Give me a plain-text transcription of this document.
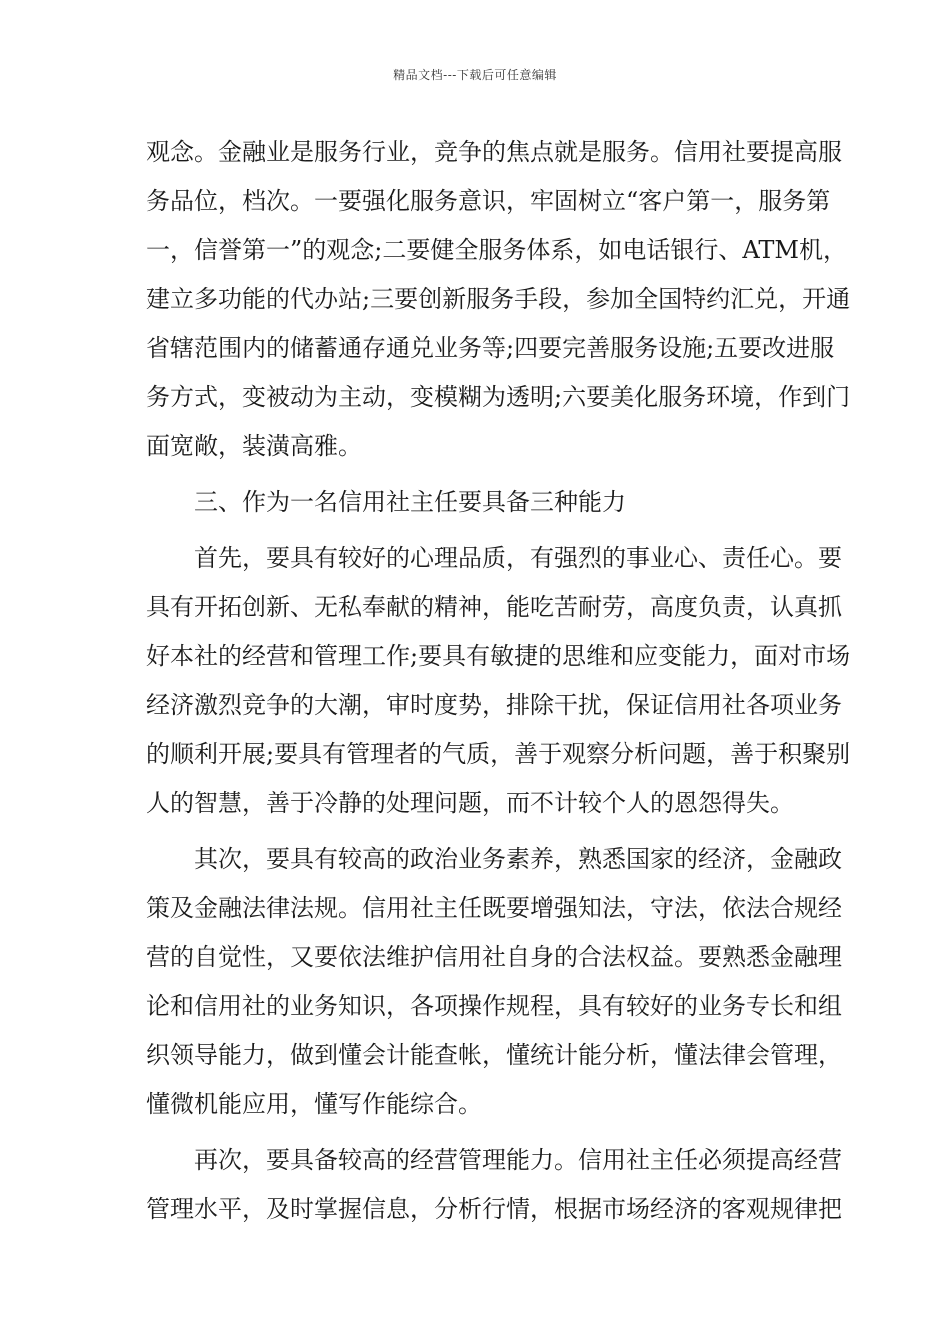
精品文档---下载后可任意编辑
观念。金融业是服务行业，竞争的焦点就是服务。信用社要提高服
务品位，档次。一要强化服务意识，牢固树立“客户第一，服务第
一，信誉第一”的观念;二要健全服务体系，如电话银行、ATM机，
建立多功能的代办站;三要创新服务手段，参加全国特约汇兑，开通
省辖范围内的储蓄通存通兑业务等;四要完善服务设施;五要改进服
务方式，变被动为主动，变模糊为透明;六要美化服务环境，作到门
面宽敞，装潢高雅。
　　三、作为一名信用社主任要具备三种能力
　　首先，要具有较好的心理品质，有强烈的事业心、责任心。要
具有开拓创新、无私奉献的精神，能吃苦耐劳，高度负责，认真抓
好本社的经营和管理工作;要具有敏捷的思维和应变能力，面对市场
经济激烈竞争的大潮，审时度势，排除干扰，保证信用社各项业务
的顺利开展;要具有管理者的气质，善于观察分析问题，善于积聚别
人的智慧，善于冷静的处理问题，而不计较个人的恩怨得失。
　　其次，要具有较高的政治业务素养，熟悉国家的经济，金融政
策及金融法律法规。信用社主任既要增强知法，守法，依法合规经
营的自觉性，又要依法维护信用社自身的合法权益。要熟悉金融理
论和信用社的业务知识，各项操作规程，具有较好的业务专长和组
织领导能力，做到懂会计能查帐，懂统计能分析，懂法律会管理，
懂微机能应用，懂写作能综合。
　　再次，要具备较高的经营管理能力。信用社主任必须提高经营
管理水平，及时掌握信息，分析行情，根据市场经济的客观规律把
